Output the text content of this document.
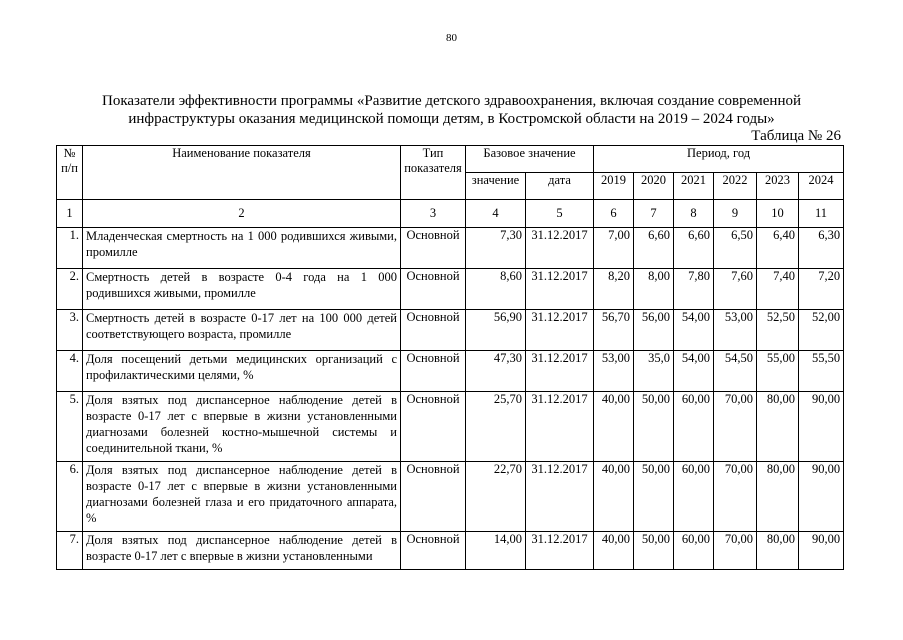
80
Показатели эффективности программы «Развитие детского здравоохранения, включая создание современной
инфраструктуры оказания медицинской помощи детям, в Костромской области на 2019 – 2024 годы»
Таблица № 26
№ п/п	Наименование показателя	Тип показателя	Базовое значение		Период, год					
			значение	дата	2019	2020	2021	2022	2023	2024
1	2	3	4	5	6	7	8	9	10	11
1.	Младенческая смертность на 1 000 родившихся живыми, промилле	Основной	7,30	31.12.2017	7,00	6,60	6,60	6,50	6,40	6,30
2.	Смертность детей в возрасте 0-4 года на 1 000 родившихся живыми, промилле	Основной	8,60	31.12.2017	8,20	8,00	7,80	7,60	7,40	7,20
3.	Смертность детей в возрасте 0-17 лет на 100 000 детей соответствующего возраста, промилле	Основной	56,90	31.12.2017	56,70	56,00	54,00	53,00	52,50	52,00
4.	Доля посещений детьми медицинских организаций с профилактическими целями, %	Основной	47,30	31.12.2017	53,00	35,0	54,00	54,50	55,00	55,50
5.	Доля взятых под диспансерное наблюдение детей в возрасте 0-17 лет с впервые в жизни установленными диагнозами болезней костно-мышечной системы и соединительной ткани, %	Основной	25,70	31.12.2017	40,00	50,00	60,00	70,00	80,00	90,00
6.	Доля взятых под диспансерное наблюдение детей в возрасте 0-17 лет с впервые в жизни установленными диагнозами болезней глаза и его придаточного аппарата, %	Основной	22,70	31.12.2017	40,00	50,00	60,00	70,00	80,00	90,00
7.	Доля взятых под диспансерное наблюдение детей в возрасте 0-17 лет с впервые в жизни установленными	Основной	14,00	31.12.2017	40,00	50,00	60,00	70,00	80,00	90,00
